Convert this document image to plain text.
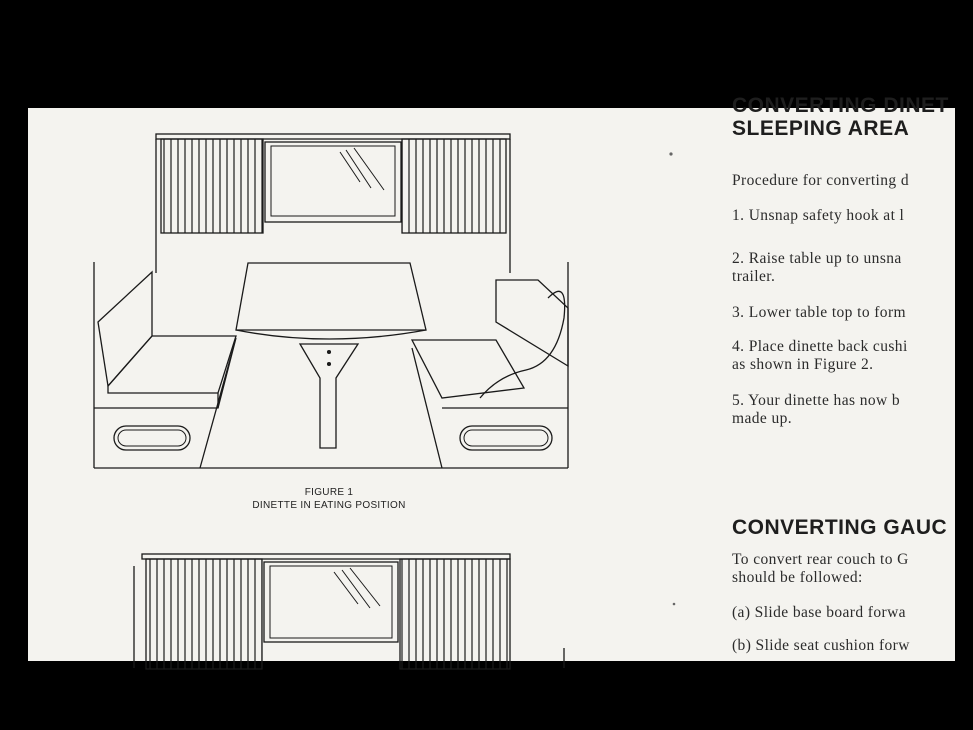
FIGURE 1
DINETTE IN EATING POSITION
CONVERTING DINET
SLEEPING AREA
Procedure for converting d
1. Unsnap safety hook at l
2. Raise table up to unsna
trailer.
3. Lower table top to form
4. Place dinette back cushi
as shown in Figure 2.
5. Your dinette has now b
made up.
CONVERTING GAUC
To convert rear couch to G
should be followed:
(a) Slide base board forwa
(b) Slide seat cushion forw
